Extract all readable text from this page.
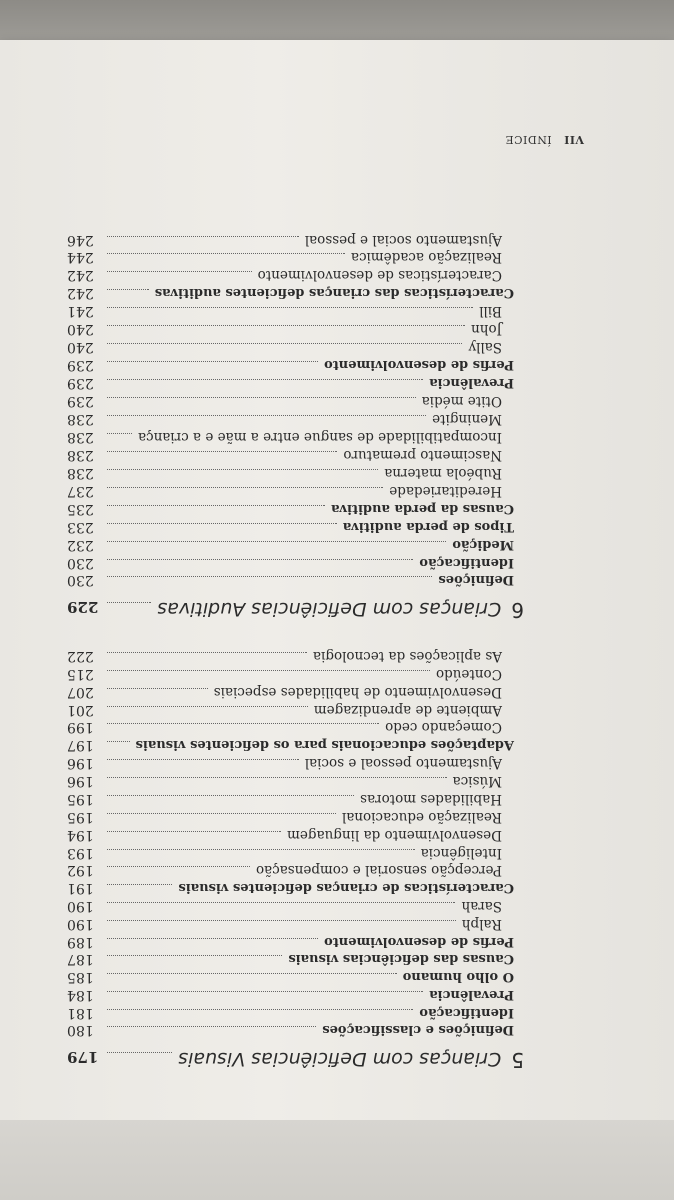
VII ÍNDICE
5
Crianças com Deficiências Visuais
179
Definições e classificações
180
Identificação
181
Prevalência
184
O olho humano
185
Causas das deficiências visuais
187
Perfis de desenvolvimento
189
Ralph
190
Sarah
190
Características de crianças deficientes visuais
191
Percepção sensorial e compensação
192
Inteligência
193
Desenvolvimento da linguagem
194
Realização educacional
195
Habilidades motoras
195
Música
196
Ajustamento pessoal e social
196
Adaptações educacionais para os deficientes visuais
197
Começando cedo
199
Ambiente de aprendizagem
201
Desenvolvimento de habilidades especiais
207
Conteúdo
215
As aplicações da tecnologia
222
6
Crianças com Deficiências Auditivas
229
Definições
230
Identificação
230
Medição
232
Tipos de perda auditiva
233
Causas da perda auditiva
235
Hereditariedade
237
Rubéola materna
238
Nascimento prematuro
238
Incompatibilidade de sangue entre a mãe e a criança
238
Meningite
238
Otite média
239
Prevalência
239
Perfis de desenvolvimento
239
Sally
240
John
240
Bill
241
Características das crianças deficientes auditivas
242
Características de desenvolvimento
242
Realização acadêmica
244
Ajustamento social e pessoal
246
